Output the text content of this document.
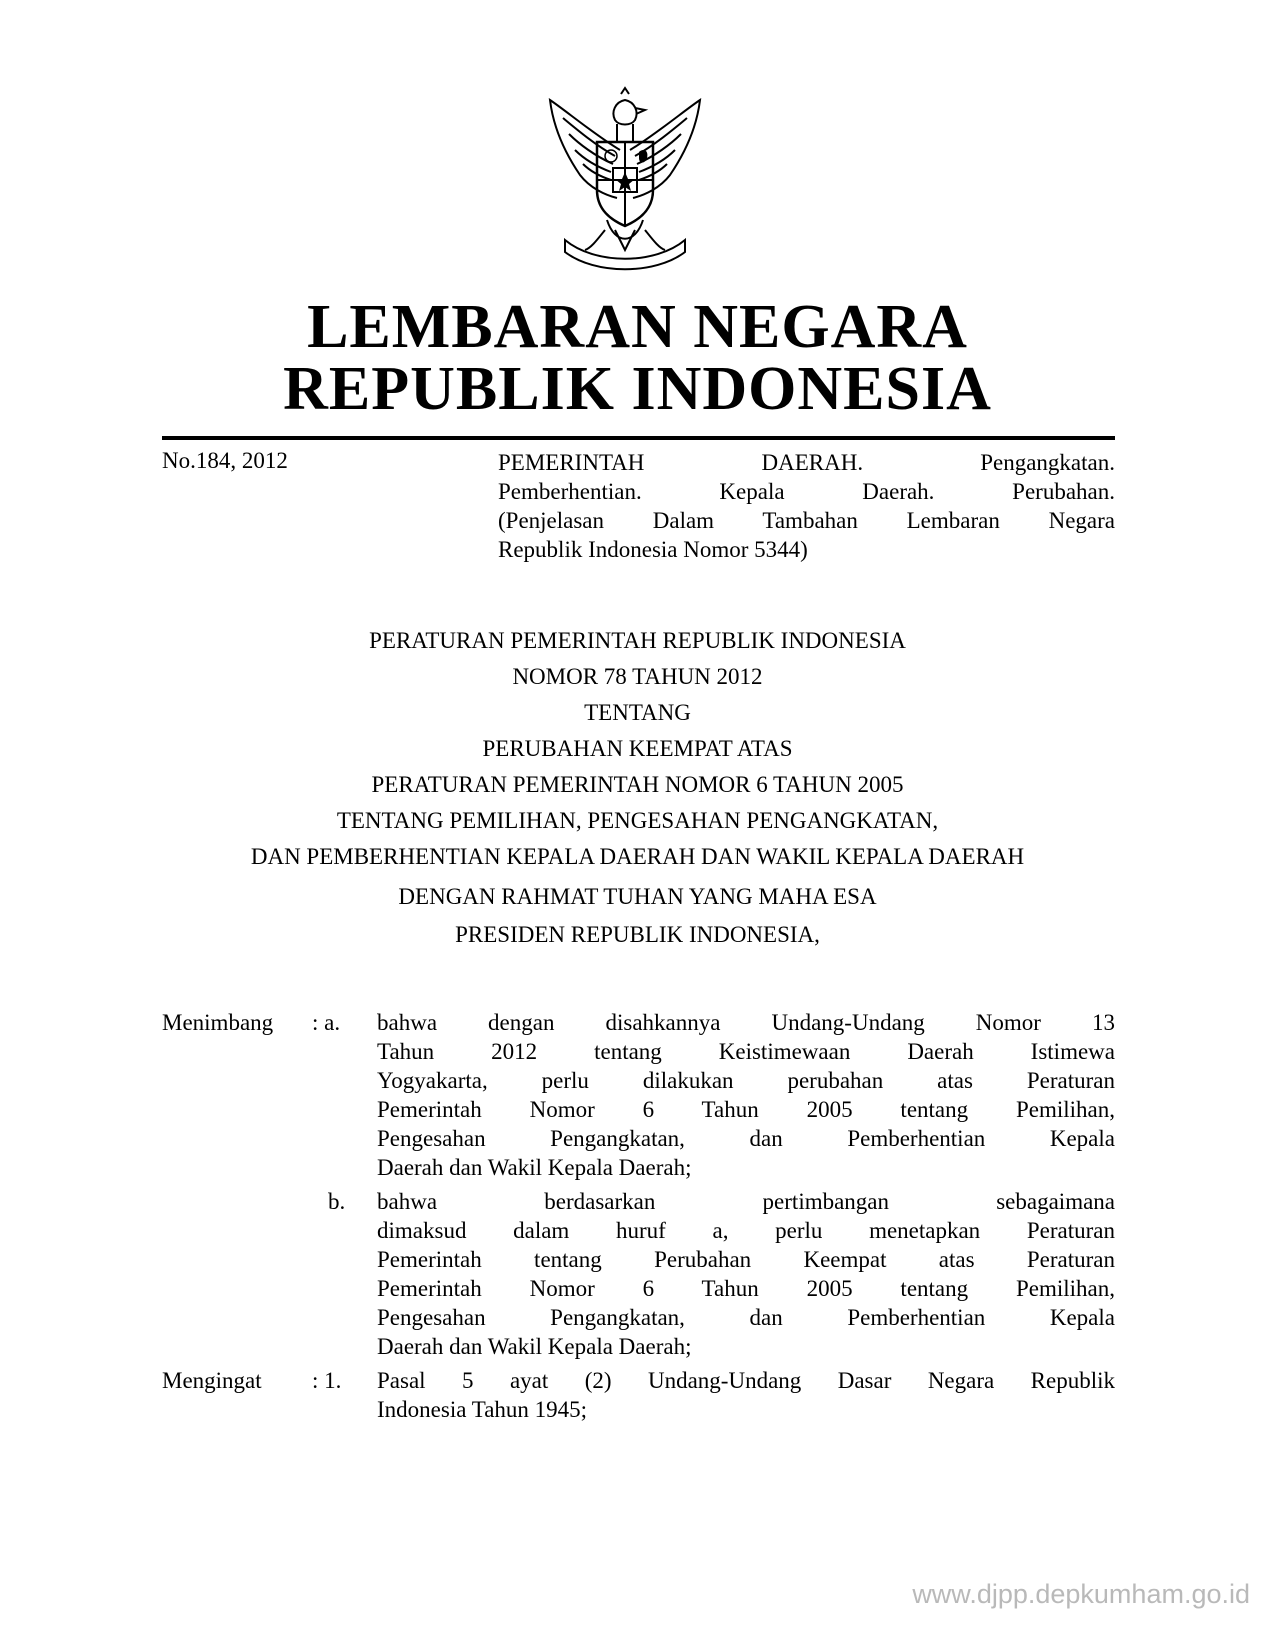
LEMBARAN NEGARA
REPUBLIK INDONESIA
No.184, 2012	PEMERINTAH DAERAH. Pengangkatan.
Pemberhentian. Kepala Daerah. Perubahan.
(Penjelasan Dalam Tambahan Lembaran Negara
Republik Indonesia Nomor 5344)
PERATURAN PEMERINTAH REPUBLIK INDONESIA
NOMOR 78 TAHUN 2012
TENTANG
PERUBAHAN KEEMPAT ATAS
PERATURAN PEMERINTAH NOMOR 6 TAHUN 2005
TENTANG PEMILIHAN, PENGESAHAN PENGANGKATAN,
DAN PEMBERHENTIAN KEPALA DAERAH DAN WAKIL KEPALA DAERAH
DENGAN RAHMAT TUHAN YANG MAHA ESA
PRESIDEN REPUBLIK INDONESIA,
Menimbang : a. bahwa dengan disahkannya Undang-Undang Nomor 13
Tahun 2012 tentang Keistimewaan Daerah Istimewa
Yogyakarta, perlu dilakukan perubahan atas Peraturan
Pemerintah Nomor 6 Tahun 2005 tentang Pemilihan,
Pengesahan Pengangkatan, dan Pemberhentian Kepala
Daerah dan Wakil Kepala Daerah;
b. bahwa berdasarkan pertimbangan sebagaimana
dimaksud dalam huruf a, perlu menetapkan Peraturan
Pemerintah tentang Perubahan Keempat atas Peraturan
Pemerintah Nomor 6 Tahun 2005 tentang Pemilihan,
Pengesahan Pengangkatan, dan Pemberhentian Kepala
Daerah dan Wakil Kepala Daerah;
Mengingat : 1. Pasal 5 ayat (2) Undang-Undang Dasar Negara Republik
Indonesia Tahun 1945;
www.djpp.depkumham.go.id
